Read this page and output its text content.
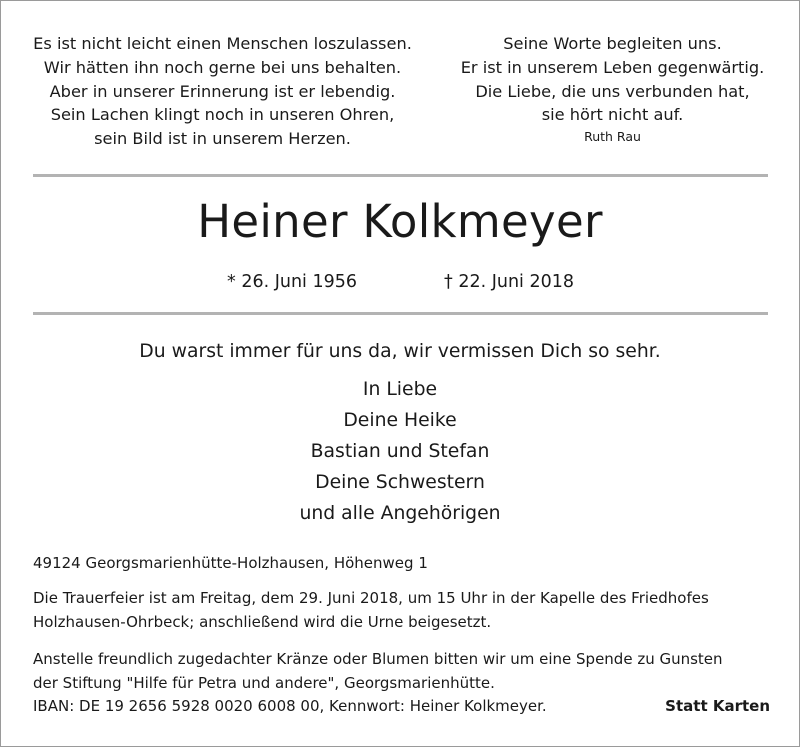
Es ist nicht leicht einen Menschen loszulassen.
Wir hätten ihn noch gerne bei uns behalten.
Aber in unserer Erinnerung ist er lebendig.
Sein Lachen klingt noch in unseren Ohren,
sein Bild ist in unserem Herzen.
Seine Worte begleiten uns.
Er ist in unserem Leben gegenwärtig.
Die Liebe, die uns verbunden hat,
sie hört nicht auf.
Ruth Rau
Heiner Kolkmeyer
* 26. Juni 1956	† 22. Juni 2018
Du warst immer für uns da, wir vermissen Dich so sehr.
In Liebe
Deine Heike
Bastian und Stefan
Deine Schwestern
und alle Angehörigen
49124 Georgsmarienhütte-Holzhausen, Höhenweg 1
Die Trauerfeier ist am Freitag, dem 29. Juni 2018, um 15 Uhr in der Kapelle des Friedhofes
Holzhausen-Ohrbeck; anschließend wird die Urne beigesetzt.
Anstelle freundlich zugedachter Kränze oder Blumen bitten wir um eine Spende zu Gunsten
der Stiftung "Hilfe für Petra und andere", Georgsmarienhütte.
IBAN: DE 19 2656 5928 0020 6008 00, Kennwort: Heiner Kolkmeyer.	Statt Karten
